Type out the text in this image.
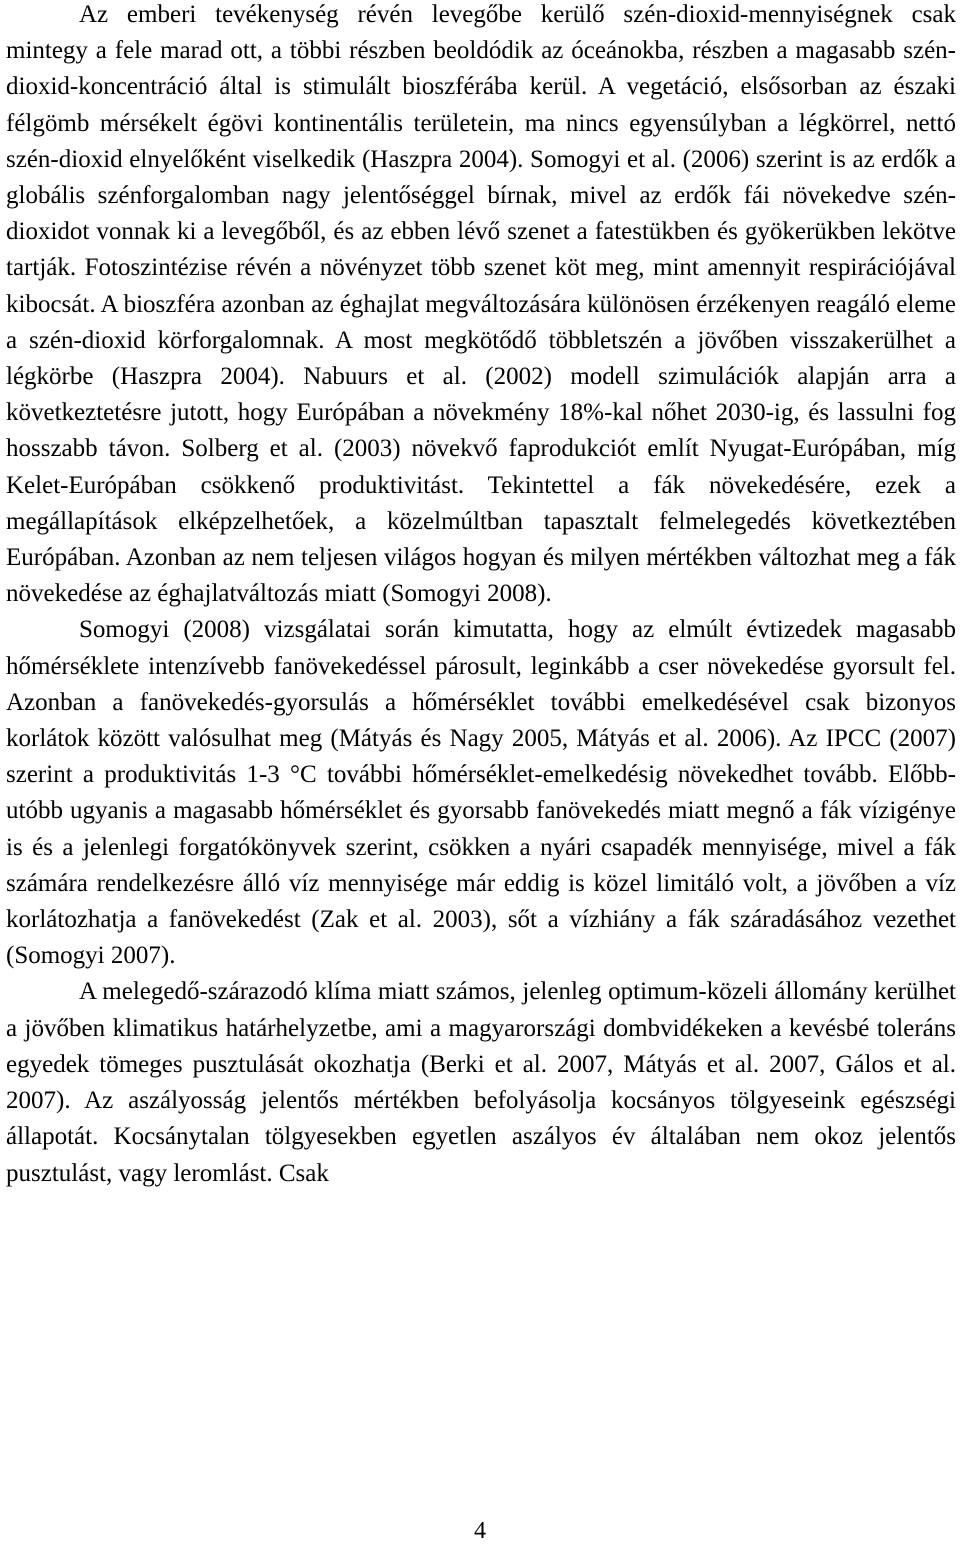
Az emberi tevékenység révén levegőbe kerülő szén-dioxid-mennyiségnek csak mintegy a fele marad ott, a többi részben beoldódik az óceánokba, részben a magasabb szén-dioxid-koncentráció által is stimulált bioszférába kerül. A vegetáció, elsősorban az északi félgömb mérsékelt égövi kontinentális területein, ma nincs egyensúlyban a légkörrel, nettó szén-dioxid elnyelőként viselkedik (Haszpra 2004). Somogyi et al. (2006) szerint is az erdők a globális szénforgalomban nagy jelentőséggel bírnak, mivel az erdők fái növekedve szén-dioxidot vonnak ki a levegőből, és az ebben lévő szenet a fatestükben és gyökerükben lekötve tartják. Fotoszintézise révén a növényzet több szenet köt meg, mint amennyit respirációjával kibocsát. A bioszféra azonban az éghajlat megváltozására különösen érzékenyen reagáló eleme a szén-dioxid körforgalomnak. A most megkötődő többletszén a jövőben visszakerülhet a légkörbe (Haszpra 2004). Nabuurs et al. (2002) modell szimulációk alapján arra a következtetésre jutott, hogy Európában a növekmény 18%-kal nőhet 2030-ig, és lassulni fog hosszabb távon. Solberg et al. (2003) növekvő faprodukciót említ Nyugat-Európában, míg Kelet-Európában csökkenő produktivitást. Tekintettel a fák növekedésére, ezek a megállapítások elképzelhetőek, a közelmúltban tapasztalt felmelegedés következtében Európában. Azonban az nem teljesen világos hogyan és milyen mértékben változhat meg a fák növekedése az éghajlatváltozás miatt (Somogyi 2008).

Somogyi (2008) vizsgálatai során kimutatta, hogy az elmúlt évtizedek magasabb hőmérséklete intenzívebb fanövekedéssel párosult, leginkább a cser növekedése gyorsult fel. Azonban a fanövekedés-gyorsulás a hőmérséklet további emelkedésével csak bizonyos korlátok között valósulhat meg (Mátyás és Nagy 2005, Mátyás et al. 2006). Az IPCC (2007) szerint a produktivitás 1-3 °C további hőmérséklet-emelkedésig növekedhet tovább. Előbb-utóbb ugyanis a magasabb hőmérséklet és gyorsabb fanövekedés miatt megnő a fák vízigénye is és a jelenlegi forgatókönyvek szerint, csökken a nyári csapadék mennyisége, mivel a fák számára rendelkezésre álló víz mennyisége már eddig is közel limitáló volt, a jövőben a víz korlátozhatja a fanövekedést (Zak et al. 2003), sőt a vízhiány a fák száradásához vezethet (Somogyi 2007).

A melegedő-szárazodó klíma miatt számos, jelenleg optimum-közeli állomány kerülhet a jövőben klimatikus határhelyzetbe, ami a magyarországi dombvidékeken a kevésbé toleráns egyedek tömeges pusztulását okozhatja (Berki et al. 2007, Mátyás et al. 2007, Gálos et al. 2007). Az aszályosság jelentős mértékben befolyásolja kocsányos tölgyeseink egészségi állapotát. Kocsánytalan tölgyesekben egyetlen aszályos év általában nem okoz jelentős pusztulást, vagy leromlást. Csak

4
